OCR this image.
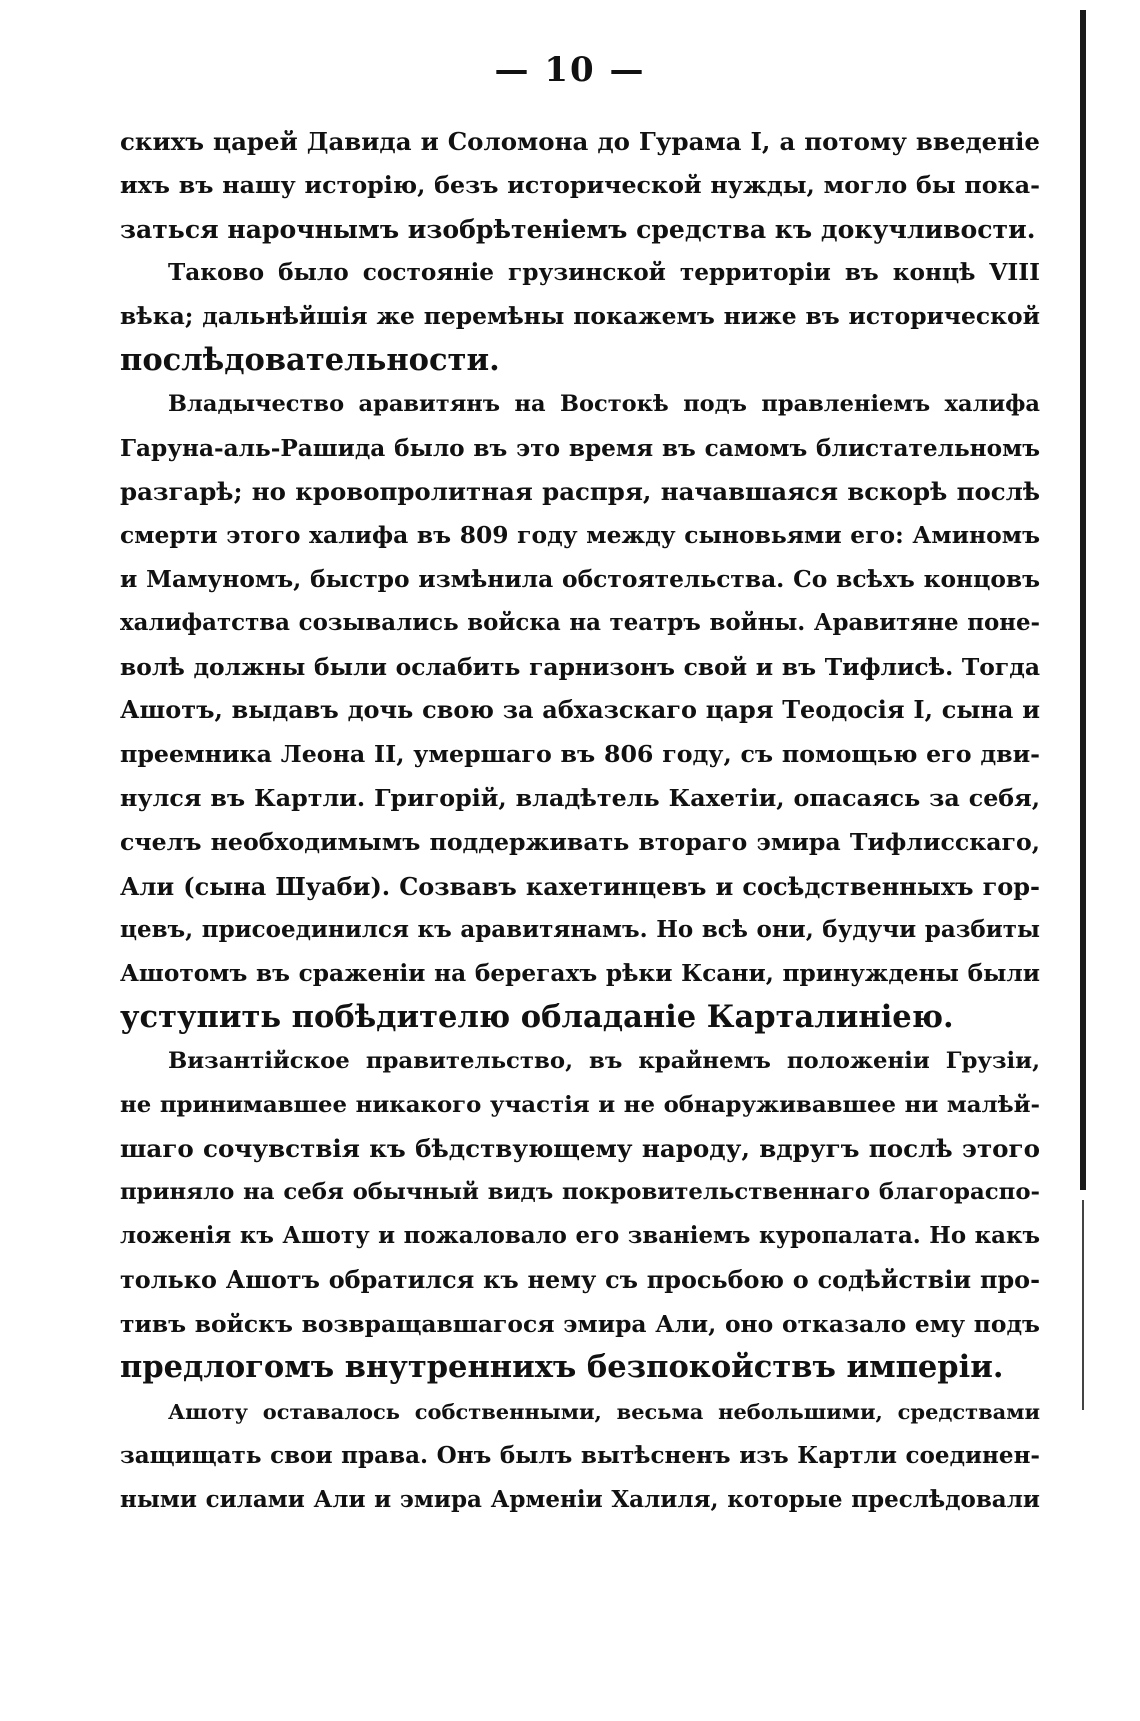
— 10 —
скихъ царей Давида и Соломона до Гурама I, а потому введеніе
ихъ въ нашу исторію, безъ исторической нужды, могло бы пока-
заться нарочнымъ изобрѣтеніемъ средства къ докучливости.
Таково было состояніе грузинской территоріи въ концѣ VIII
вѣка; дальнѣйшія же перемѣны покажемъ ниже въ исторической
послѣдовательности.
Владычество аравитянъ на Востокѣ подъ правленіемъ халифа
Гаруна-аль-Рашида было въ это время въ самомъ блистательномъ
разгарѣ; но кровопролитная распря, начавшаяся вскорѣ послѣ
смерти этого халифа въ 809 году между сыновьями его: Аминомъ
и Мамуномъ, быстро измѣнила обстоятельства. Со всѣхъ концовъ
халифатства созывались войска на театръ войны. Аравитяне поне-
волѣ должны были ослабить гарнизонъ свой и въ Тифлисѣ. Тогда
Ашотъ, выдавъ дочь свою за абхазскаго царя Теодосія I, сына и
преемника Леона II, умершаго въ 806 году, съ помощью его дви-
нулся въ Картли. Григорій, владѣтель Кахетіи, опасаясь за себя,
счелъ необходимымъ поддерживать втораго эмира Тифлисскаго,
Али (сына Шуаби). Созвавъ кахетинцевъ и сосѣдственныхъ гор-
цевъ, присоединился къ аравитянамъ. Но всѣ они, будучи разбиты
Ашотомъ въ сраженіи на берегахъ рѣки Ксани, принуждены были
уступить побѣдителю обладаніе Карталиніею.
Византійское правительство, въ крайнемъ положеніи Грузіи,
не принимавшее никакого участія и не обнаруживавшее ни малѣй-
шаго сочувствія къ бѣдствующему народу, вдругъ послѣ этого
приняло на себя обычный видъ покровительственнаго благораспо-
ложенія къ Ашоту и пожаловало его званіемъ куропалата. Но какъ
только Ашотъ обратился къ нему съ просьбою о содѣйствіи про-
тивъ войскъ возвращавшагося эмира Али, оно отказало ему подъ
предлогомъ внутреннихъ безпокойствъ имперіи.
Ашоту оставалось собственными, весьма небольшими, средствами
защищать свои права. Онъ былъ вытѣсненъ изъ Картли соединен-
ными силами Али и эмира Арменіи Халиля, которые преслѣдовали
